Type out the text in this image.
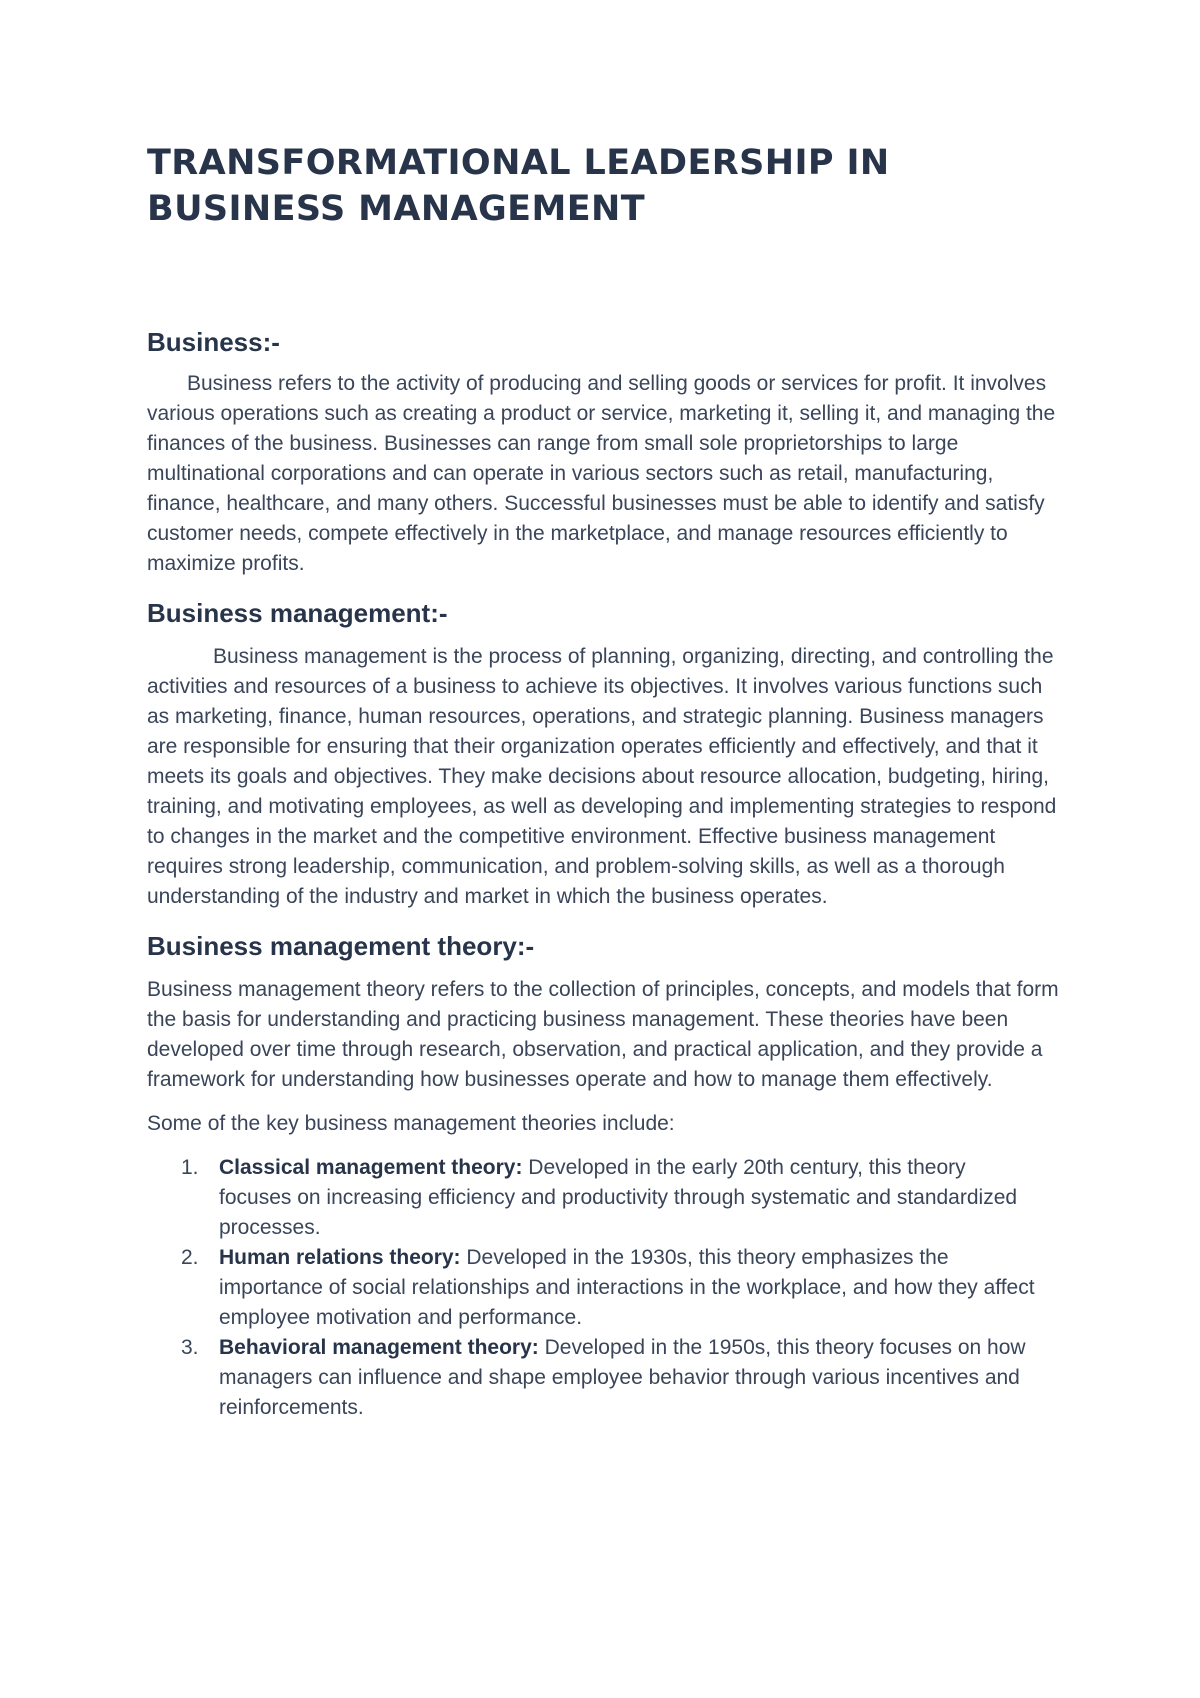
TRANSFORMATIONAL LEADERSHIP IN BUSINESS MANAGEMENT
Business:-

Business refers to the activity of producing and selling goods or services for profit. It involves various operations such as creating a product or service, marketing it, selling it, and managing the finances of the business. Businesses can range from small sole proprietorships to large multinational corporations and can operate in various sectors such as retail, manufacturing, finance, healthcare, and many others. Successful businesses must be able to identify and satisfy customer needs, compete effectively in the marketplace, and manage resources efficiently to maximize profits.

Business management:-

Business management is the process of planning, organizing, directing, and controlling the activities and resources of a business to achieve its objectives. It involves various functions such as marketing, finance, human resources, operations, and strategic planning. Business managers are responsible for ensuring that their organization operates efficiently and effectively, and that it meets its goals and objectives. They make decisions about resource allocation, budgeting, hiring, training, and motivating employees, as well as developing and implementing strategies to respond to changes in the market and the competitive environment. Effective business management requires strong leadership, communication, and problem-solving skills, as well as a thorough understanding of the industry and market in which the business operates.

Business management theory:-

Business management theory refers to the collection of principles, concepts, and models that form the basis for understanding and practicing business management. These theories have been developed over time through research, observation, and practical application, and they provide a framework for understanding how businesses operate and how to manage them effectively.

Some of the key business management theories include:

1. Classical management theory: Developed in the early 20th century, this theory focuses on increasing efficiency and productivity through systematic and standardized processes.
2. Human relations theory: Developed in the 1930s, this theory emphasizes the importance of social relationships and interactions in the workplace, and how they affect employee motivation and performance.
3. Behavioral management theory: Developed in the 1950s, this theory focuses on how managers can influence and shape employee behavior through various incentives and reinforcements.
